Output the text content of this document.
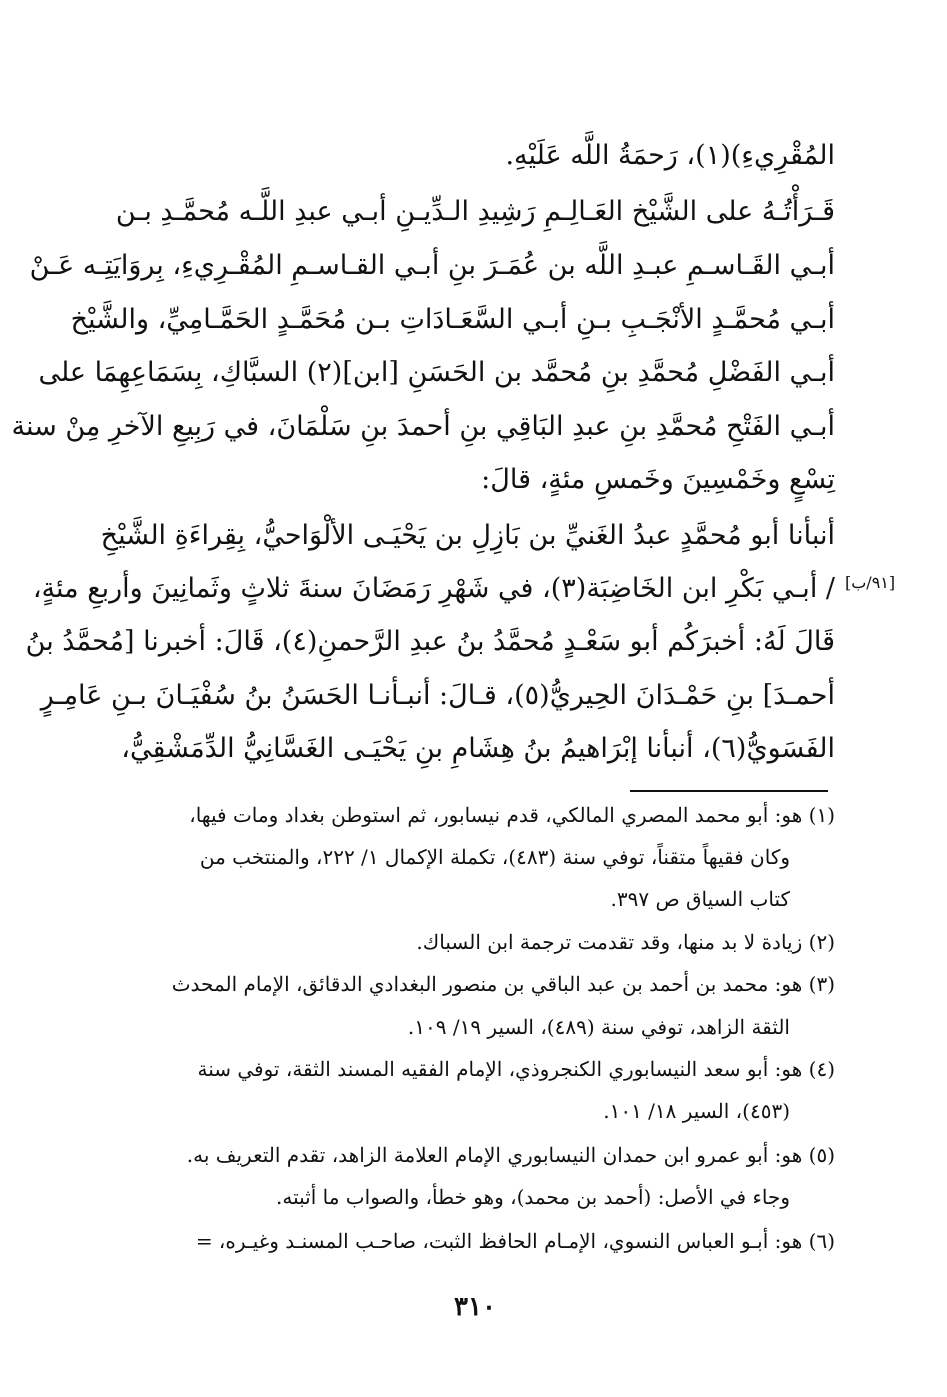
المُقْرِيءِ)(١)، رَحمَةُ اللَّه عَلَيْهِ.
قَـرَأْتُـهُ على الشَّيْخ العَـالِـمِ رَشِيدِ الـدِّيـنِ أبـي عبدِ اللَّـه مُحمَّـدِ بـن
أبـي القَـاسـمِ عبـدِ اللَّه بن عُمَـرَ بنِ أبـي القـاسـمِ المُقْـرِيءِ، بِروَايَتِـه عَـنْ
أبـي مُحمَّـدٍ الأنْجَـبِ بـنِ أبـي السَّعَـادَاتِ بـن مُحَمَّـدٍ الحَمَّـامِيِّ، والشَّيْخ
أبـي الفَضْلِ مُحمَّدِ بنِ مُحمَّد بن الحَسَنِ [ابن](٢) السبَّاكِ، بِسَمَاعِهِمَا على
أبـي الفَتْحِ مُحمَّدِ بنِ عبدِ البَاقِي بنِ أحمدَ بنِ سَلْمَانَ، في رَبِيعِ الآخرِ مِنْ سنة
تِسْعٍ وخَمْسِينَ وخَمسِ مئةٍ، قالَ:
أنبأنا أبو مُحمَّدٍ عبدُ الغَنيِّ بن بَازِلِ بن يَحْيَـى الألْوَاحيُّ، بِقِراءَةِ الشَّيْخِ
/ أبـي بَكْرِ ابن الخَاضِبَة(٣)، في شَهْرِ رَمَضَانَ سنةَ ثلاثٍ وثَمانِينَ وأربعِ مئةٍ،
قَالَ لَهُ: أخبرَكُم أبو سَعْـدٍ مُحمَّدُ بنُ عبدِ الرَّحمنِ(٤)، قَالَ: أخبرنا [مُحمَّدُ بنُ
أحمـدَ] بنِ حَمْـدَانَ الحِيريُّ(٥)، قـالَ: أنبـأنـا الحَسَنُ بنُ سُفْيَـانَ بـنِ عَامِـرٍ
الفَسَويُّ(٦)، أنبأنا إبْرَاهيمُ بنُ هِشَامِ بنِ يَحْيَـى الغَسَّانِيُّ الدِّمَشْقِيُّ،
[٩١/ب]
(١) هو: أبو محمد المصري المالكي، قدم نيسابور، ثم استوطن بغداد ومات فيها،
وكان فقيهاً متقناً، توفي سنة (٤٨٣)، تكملة الإكمال ١/ ٢٢٢، والمنتخب من
كتاب السياق ص ٣٩٧.
(٢) زيادة لا بد منها، وقد تقدمت ترجمة ابن السباك.
(٣) هو: محمد بن أحمد بن عبد الباقي بن منصور البغدادي الدقائق، الإمام المحدث
الثقة الزاهد، توفي سنة (٤٨٩)، السير ١٩/ ١٠٩.
(٤) هو: أبو سعد النيسابوري الكنجروذي، الإمام الفقيه المسند الثقة، توفي سنة
(٤٥٣)، السير ١٨/ ١٠١.
(٥) هو: أبو عمرو ابن حمدان النيسابوري الإمام العلامة الزاهد، تقدم التعريف به.
وجاء في الأصل: (أحمد بن محمد)، وهو خطأ، والصواب ما أثبته.
(٦) هو: أبـو العباس النسوي، الإمـام الحافظ الثبت، صاحـب المسنـد وغيـره، =
٣١٠
